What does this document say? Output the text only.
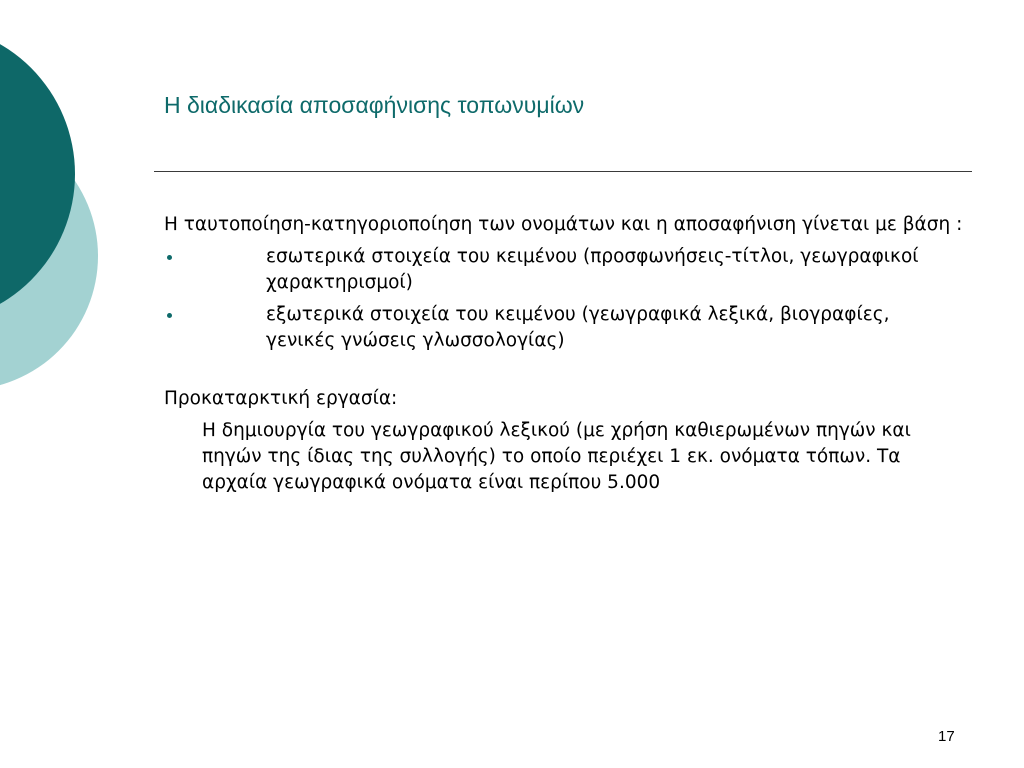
Η διαδικασία αποσαφήνισης τοπωνυμίων

Η ταυτοποίηση-κατηγοριοποίηση των ονομάτων και η αποσαφήνιση γίνεται με βάση :

εσωτερικά στοιχεία του κειμένου (προσφωνήσεις-τίτλοι, γεωγραφικοί χαρακτηρισμοί)
εξωτερικά στοιχεία του κειμένου (γεωγραφικά λεξικά, βιογραφίες, γενικές γνώσεις γλωσσολογίας)

Προκαταρκτική εργασία:

Η δημιουργία του γεωγραφικού λεξικού (με χρήση καθιερωμένων πηγών και πηγών της ίδιας της συλλογής) το οποίο περιέχει 1 εκ. ονόματα τόπων. Τα αρχαία γεωγραφικά ονόματα είναι περίπου 5.000

17
